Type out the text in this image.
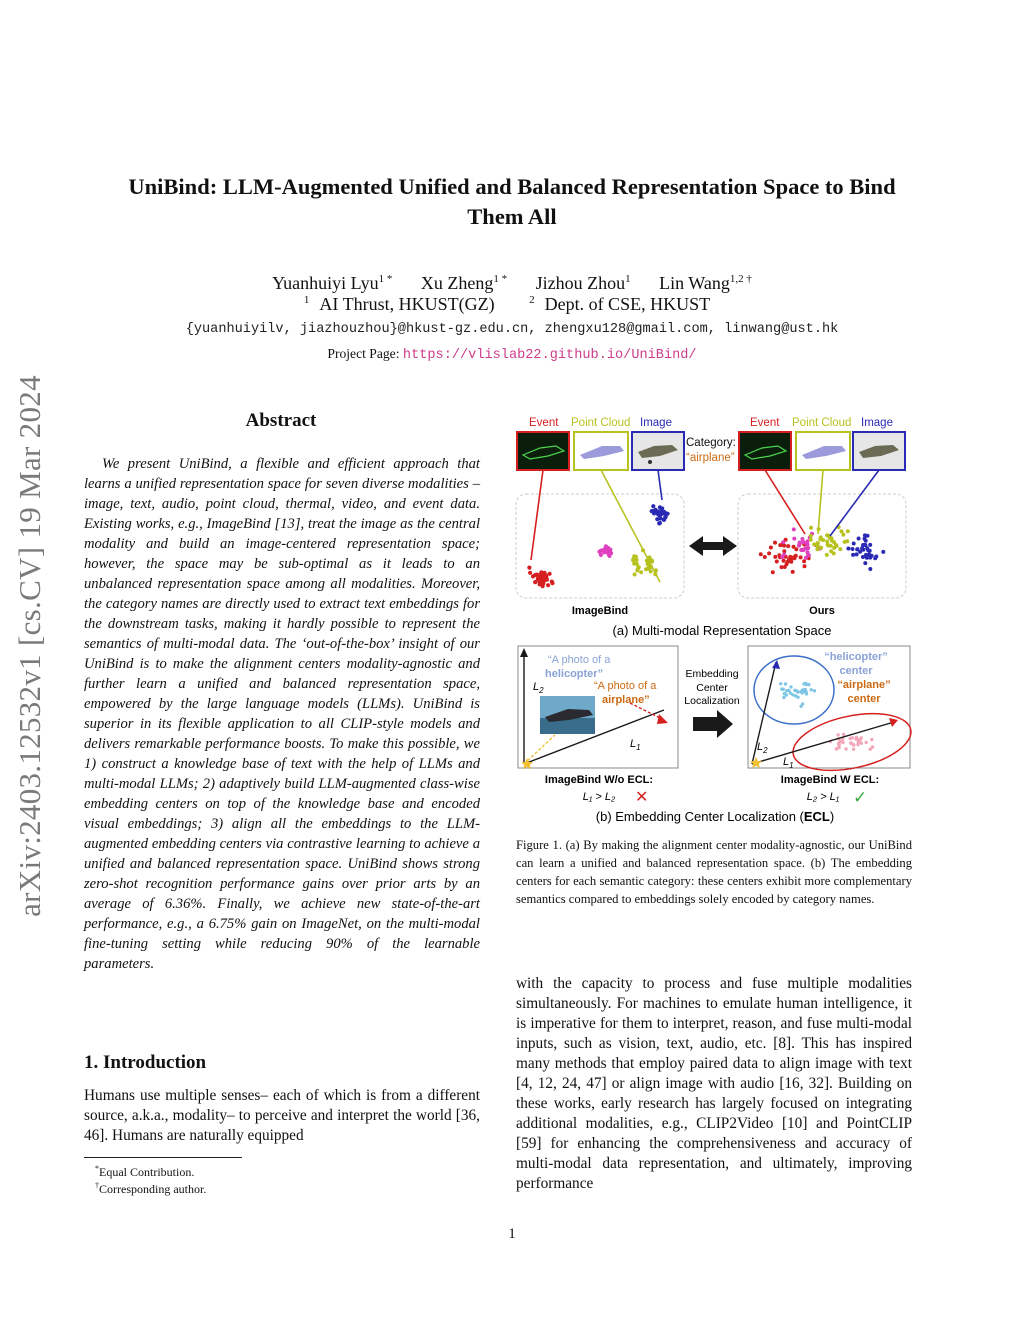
arXiv:2403.12532v1 [cs.CV] 19 Mar 2024
UniBind: LLM-Augmented Unified and Balanced Representation Space to Bind
Them All
Yuanhuiyi Lyu$^{1 *}$ Xu Zheng$^{1 *}$ Jizhou Zhou$^1$ Lin Wang$^{1,2 \dagger}$
$^1$ AI Thrust, HKUST(GZ)	$^2$ Dept. of CSE, HKUST
{yuanhuiyilv, jiazhouzhou}@hkust-gz.edu.cn, zhengxu128@gmail.com, linwang@ust.hk
Project Page: https://vlislab22.github.io/UniBind/
Abstract

We present UniBind, a flexible and efficient approach that learns a unified representation space for seven diverse modalities – image, text, audio, point cloud, thermal, video, and event data. Existing works, e.g., ImageBind [13], treat the image as the central modality and build an image-centered representation space; however, the space may be sub-optimal as it leads to an unbalanced representation space among all modalities. Moreover, the category names are directly used to extract text embeddings for the downstream tasks, making it hardly possible to represent the semantics of multi-modal data. The ‘out-of-the-box’ insight of our UniBind is to make the alignment centers modality-agnostic and further learn a unified and balanced representation space, empowered by the large language models (LLMs). UniBind is superior in its flexible application to all CLIP-style models and delivers remarkable performance boosts. To make this possible, we 1) construct a knowledge base of text with the help of LLMs and multi-modal LLMs; 2) adaptively build LLM-augmented class-wise embedding centers on top of the knowledge base and encoded visual embeddings; 3) align all the embeddings to the LLM-augmented embedding centers via contrastive learning to achieve a unified and balanced representation space. UniBind shows strong zero-shot recognition performance gains over prior arts by an average of 6.36%. Finally, we achieve new state-of-the-art performance, e.g., a 6.75% gain on ImageNet, on the multi-modal fine-tuning setting while reducing 90% of the learnable parameters.

1. Introduction
Humans use multiple senses– each of which is from a different source, a.k.a., modality– to perceive and interpret the world [36, 46]. Humans are naturally equipped
*Equal Contribution.
†Corresponding author.
Event Point Cloud Image	Event Point Cloud Image
Category:
“airplane”
ImageBind	Ours
(a) Multi-modal Representation Space
“A photo of a
helicopter”
“A photo of a
airplane”
$L_2$
$L_1$
Embedding
Center
Localization
“helicopter”
center
“airplane”
center
$L_2$
$L_1$
ImageBind W/o ECL:
L₁ > L₂ ✕
ImageBind W ECL:
L₂ > L₁ ✓
(b) Embedding Center Localization (ECL)
Figure 1. (a) By making the alignment center modality-agnostic, our UniBind can learn a unified and balanced representation space. (b) The embedding centers for each semantic category: these centers exhibit more complementary semantics compared to embeddings solely encoded by category names.
with the capacity to process and fuse multiple modalities simultaneously. For machines to emulate human intelligence, it is imperative for them to interpret, reason, and fuse multi-modal inputs, such as vision, text, audio, etc. [8]. This has inspired many methods that employ paired data to align image with text [4, 12, 24, 47] or align image with audio [16, 32]. Building on these works, early research has largely focused on integrating additional modalities, e.g., CLIP2Video [10] and PointCLIP [59] for enhancing the comprehensiveness and accuracy of multi-modal data representation, and ultimately, improving performance
1
